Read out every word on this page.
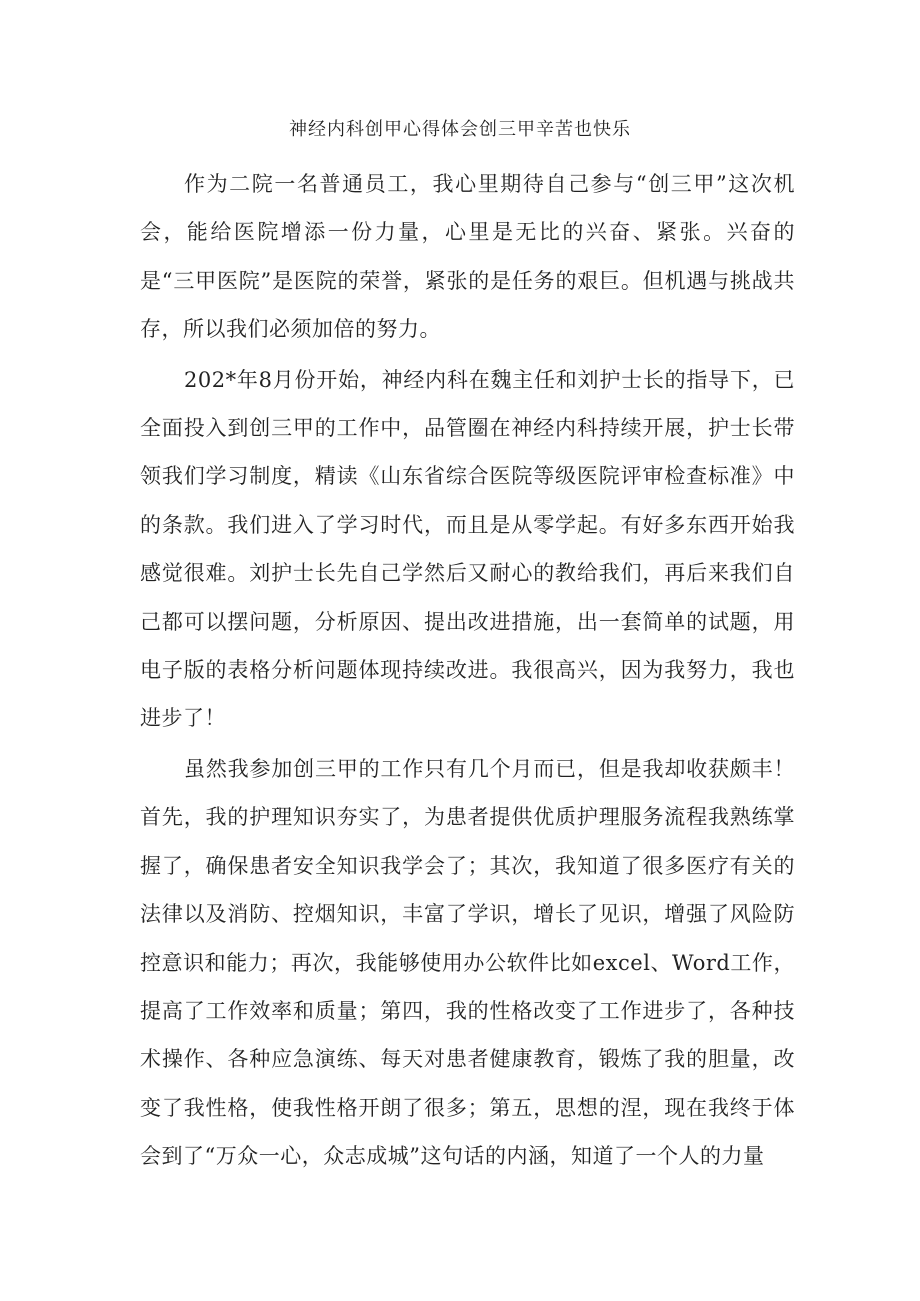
神经内科创甲心得体会创三甲辛苦也快乐

作为二院一名普通员工，我心里期待自己参与“创三甲”这次机会，能给医院增添一份力量，心里是无比的兴奋、紧张。兴奋的是“三甲医院”是医院的荣誉，紧张的是任务的艰巨。但机遇与挑战共存，所以我们必须加倍的努力。

202*年8月份开始，神经内科在魏主任和刘护士长的指导下，已全面投入到创三甲的工作中，品管圈在神经内科持续开展，护士长带领我们学习制度，精读《山东省综合医院等级医院评审检查标准》中的条款。我们进入了学习时代，而且是从零学起。有好多东西开始我感觉很难。刘护士长先自己学然后又耐心的教给我们，再后来我们自己都可以摆问题，分析原因、提出改进措施，出一套简单的试题，用电子版的表格分析问题体现持续改进。我很高兴，因为我努力，我也进步了！

虽然我参加创三甲的工作只有几个月而已，但是我却收获颇丰！首先，我的护理知识夯实了，为患者提供优质护理服务流程我熟练掌握了，确保患者安全知识我学会了；其次，我知道了很多医疗有关的法律以及消防、控烟知识，丰富了学识，增长了见识，增强了风险防控意识和能力；再次，我能够使用办公软件比如excel、Word工作，提高了工作效率和质量；第四，我的性格改变了工作进步了，各种技术操作、各种应急演练、每天对患者健康教育，锻炼了我的胆量，改变了我性格，使我性格开朗了很多；第五，思想的涅，现在我终于体会到了“万众一心，众志成城”这句话的内涵，知道了一个人的力量
